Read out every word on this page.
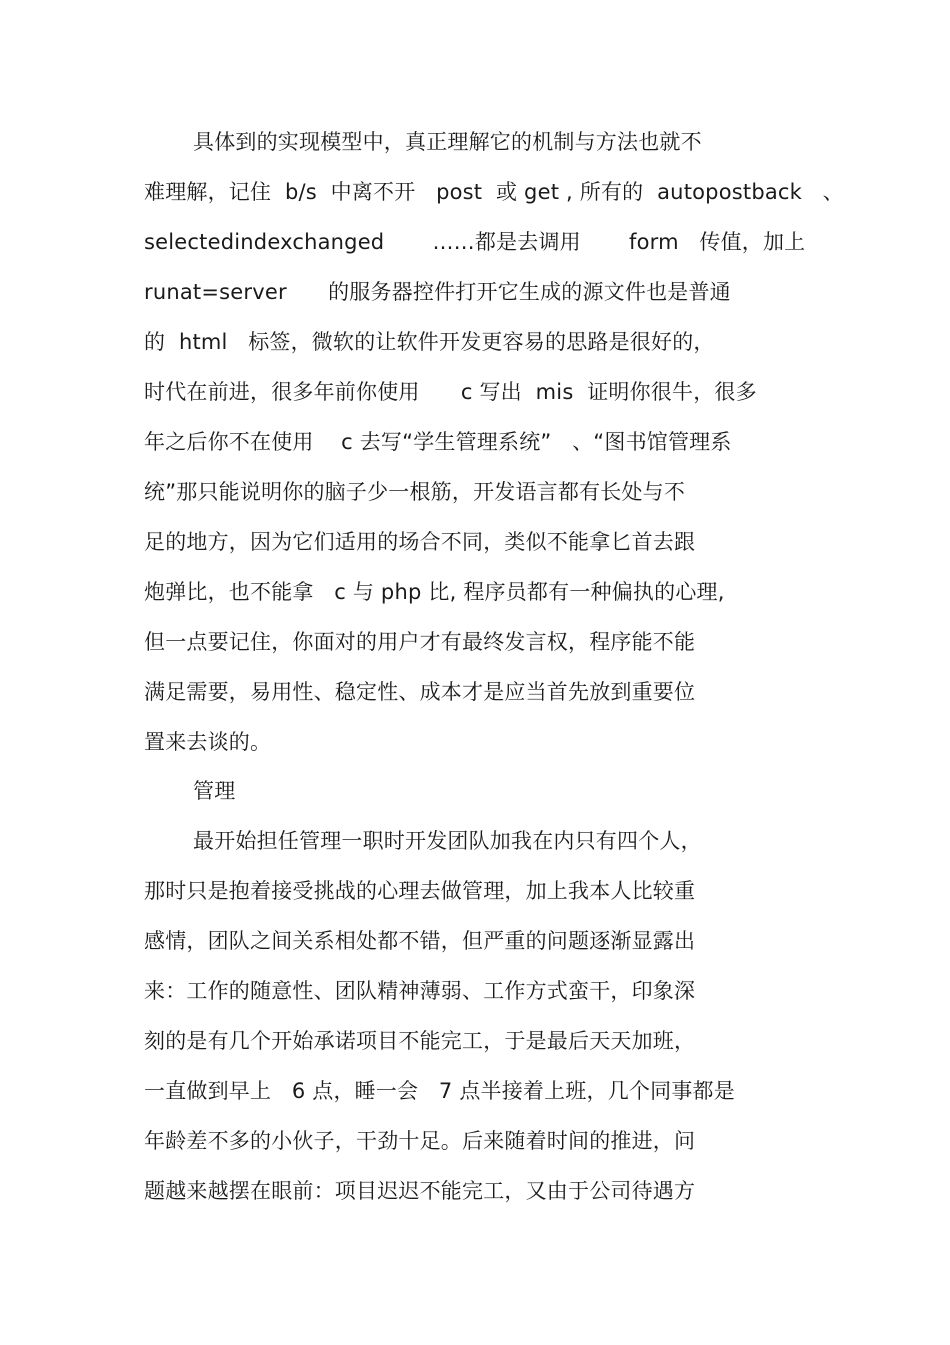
具体到的实现模型中，真正理解它的机制与方法也就不
难理解，记住  b/s  中离不开   post  或 get , 所有的  autopostback   、
selectedindexchanged       ……都是去调用       form   传值，加上
runat=server      的服务器控件打开它生成的源文件也是普通
的  html   标签，微软的让软件开发更容易的思路是很好的，
时代在前进，很多年前你使用      c 写出  mis  证明你很牛，很多
年之后你不在使用    c 去写“学生管理系统”   、“图书馆管理系
统”那只能说明你的脑子少一根筋，开发语言都有长处与不
足的地方，因为它们适用的场合不同，类似不能拿匕首去跟
炮弹比，也不能拿   c 与 php 比, 程序员都有一种偏执的心理,
但一点要记住，你面对的用户才有最终发言权，程序能不能
满足需要，易用性、稳定性、成本才是应当首先放到重要位
置来去谈的。
管理
最开始担任管理一职时开发团队加我在内只有四个人，
那时只是抱着接受挑战的心理去做管理，加上我本人比较重
感情，团队之间关系相处都不错，但严重的问题逐渐显露出
来：工作的随意性、团队精神薄弱、工作方式蛮干，印象深
刻的是有几个开始承诺项目不能完工，于是最后天天加班，
一直做到早上   6 点，睡一会   7 点半接着上班，几个同事都是
年龄差不多的小伙子，干劲十足。后来随着时间的推进，问
题越来越摆在眼前：项目迟迟不能完工，又由于公司待遇方
